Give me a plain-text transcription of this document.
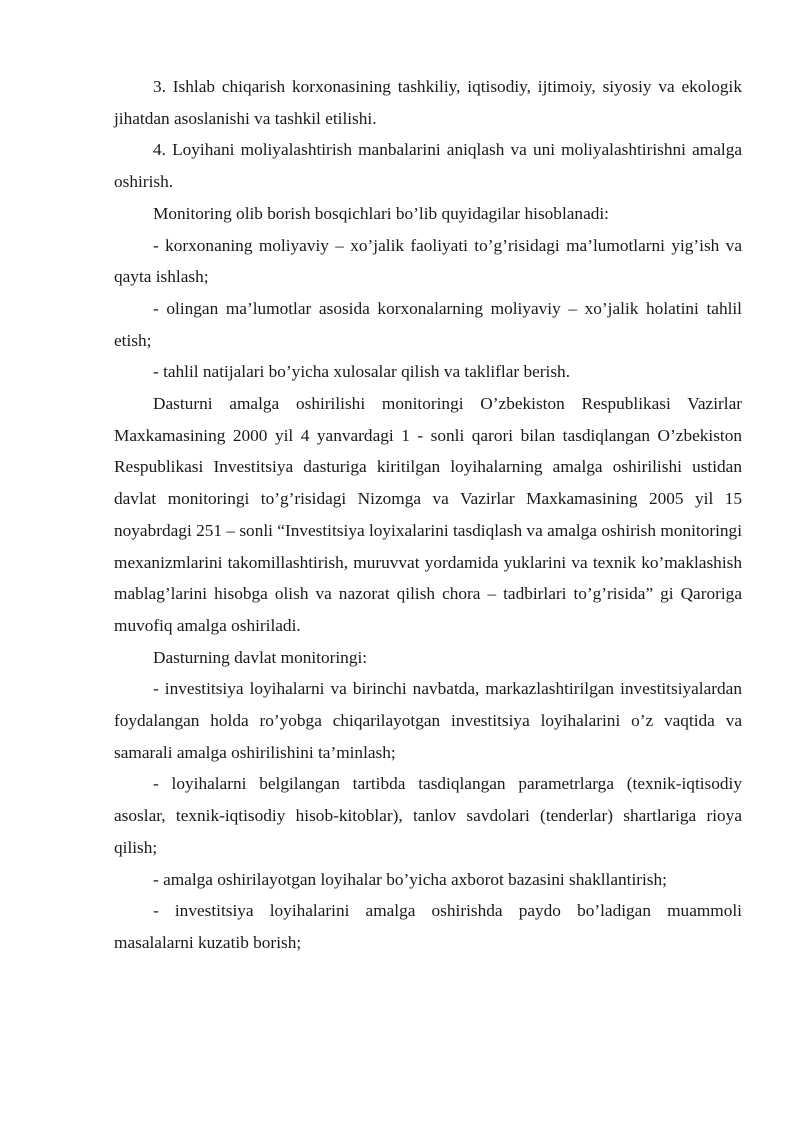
3. Ishlab chiqarish korxonasining tashkiliy, iqtisodiy, ijtimoiy, siyosiy va ekologik jihatdan asoslanishi va tashkil etilishi.

4. Loyihani moliyalashtirish manbalarini aniqlash va uni moliyalashtirishni amalga oshirish.

Monitoring olib borish bosqichlari bo’lib quyidagilar hisoblanadi:

- korxonaning moliyaviy – xo’jalik faoliyati to’g’risidagi ma’lumotlarni yig’ish va qayta ishlash;

- olingan ma’lumotlar asosida korxonalarning moliyaviy – xo’jalik holatini tahlil etish;

- tahlil natijalari bo’yicha xulosalar qilish va takliflar berish.

Dasturni amalga oshirilishi monitoringi O’zbekiston Respublikasi Vazirlar Maxkamasining 2000 yil 4 yanvardagi 1 - sonli qarori bilan tasdiqlangan O’zbekiston Respublikasi Investitsiya dasturiga kiritilgan loyihalarning amalga oshirilishi ustidan davlat monitoringi to’g’risidagi Nizomga va Vazirlar Maxkamasining 2005 yil 15 noyabrdagi 251 – sonli “Investitsiya loyixalarini tasdiqlash va amalga oshirish monitoringi mexanizmlarini takomillashtirish, muruvvat yordamida yuklarini va texnik ko’maklashish mablag’larini hisobga olish va nazorat qilish chora – tadbirlari to’g’risida” gi Qaroriga muvofiq amalga oshiriladi.

Dasturning davlat monitoringi:

- investitsiya loyihalarni va birinchi navbatda, markazlashtirilgan investitsiyalardan foydalangan holda ro’yobga chiqarilayotgan investitsiya loyihalarini o’z vaqtida va samarali amalga oshirilishini ta’minlash;

- loyihalarni belgilangan tartibda tasdiqlangan parametrlarga (texnik-iqtisodiy asoslar, texnik-iqtisodiy hisob-kitoblar), tanlov savdolari (tenderlar) shartlariga rioya qilish;

- amalga oshirilayotgan loyihalar bo’yicha axborot bazasini shakllantirish;

- investitsiya loyihalarini amalga oshirishda paydo bo’ladigan muammoli masalalarni kuzatib borish;
